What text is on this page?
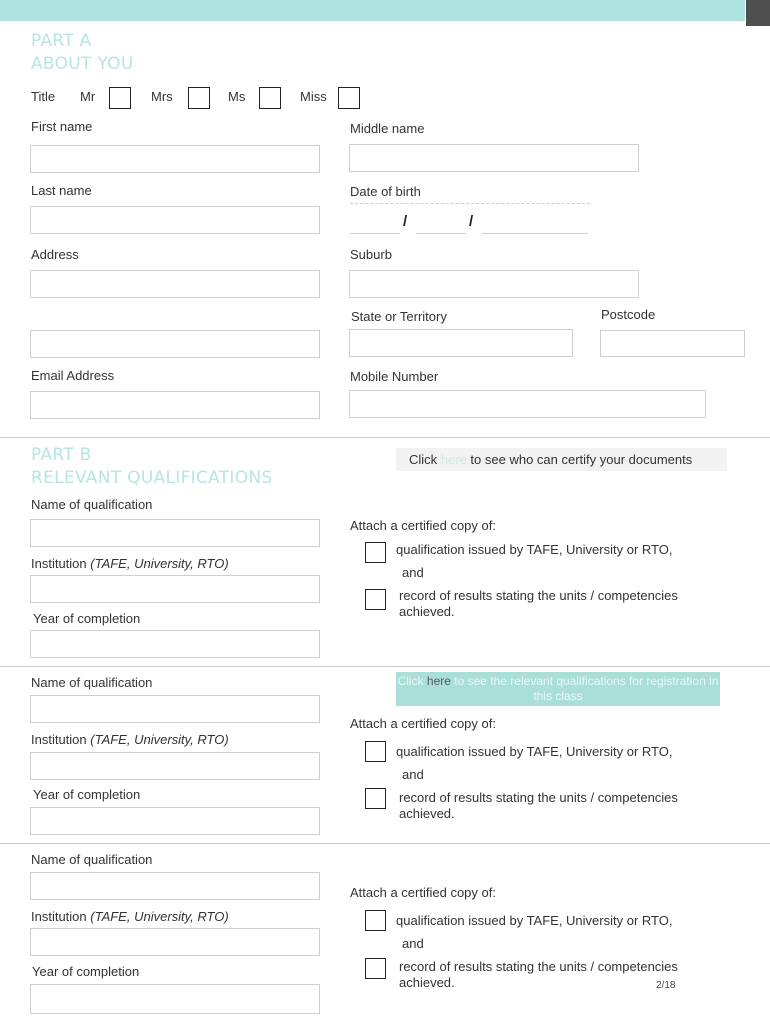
PART A
ABOUT YOU
Title Mr	Mrs	Ms	Miss
First name	Middle name
Last name	Date of birth
/	/
Address	Suburb
State or Territory	Postcode
Email Address	Mobile Number
PART B
RELEVANT QUALIFICATIONS
Click here to see who can certify your documents
Name of qualification
Institution (TAFE, University, RTO)
Year of completion
Attach a certified copy of:
qualification issued by TAFE, University or RTO,
and
record of results stating the units / competencies
achieved.
Name of qualification
Institution (TAFE, University, RTO)
Year of completion
Click here to see the relevant qualifications for registration in this class
Attach a certified copy of:
qualification issued by TAFE, University or RTO,
and
record of results stating the units / competencies
achieved.
Name of qualification
Institution (TAFE, University, RTO)
Year of completion
Attach a certified copy of:
qualification issued by TAFE, University or RTO,
and
record of results stating the units / competencies
achieved.	2/18
